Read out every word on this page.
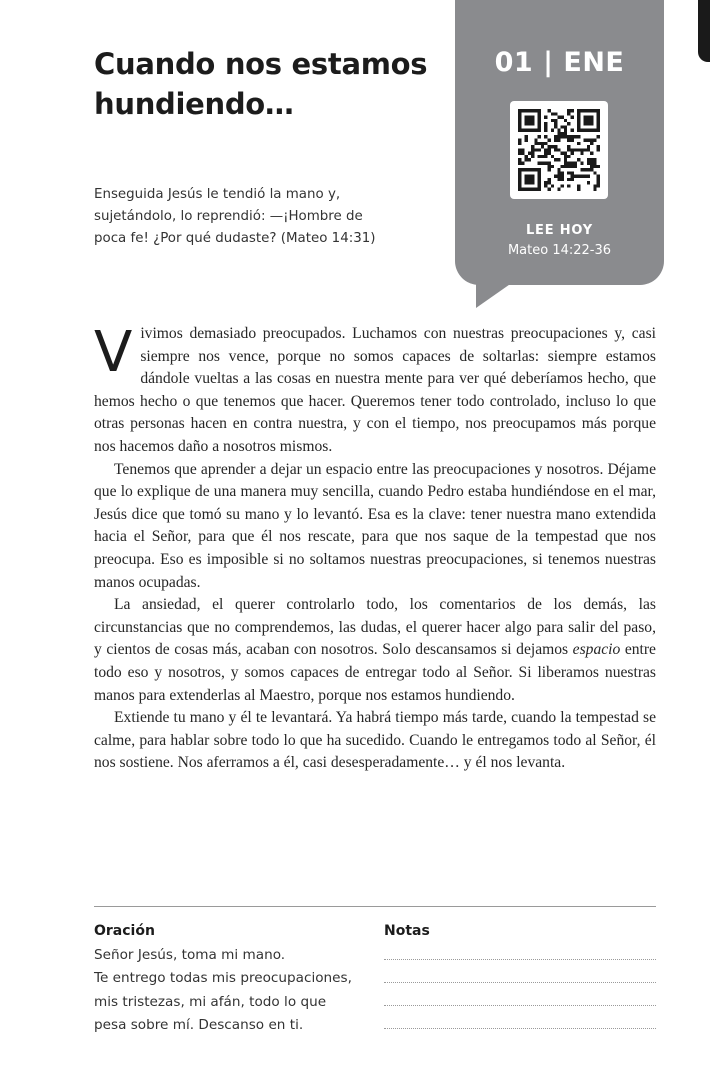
Cuando nos estamos
hundiendo…

Enseguida Jesús le tendió la mano y, sujetándolo, lo reprendió: —¡Hombre de poca fe! ¿Por qué dudaste? (Mateo 14:31)

01 | ENE
LEE HOY
Mateo 14:22-36

Vivimos demasiado preocupados. Luchamos con nuestras preocupaciones y, casi siempre nos vence, porque no somos capaces de soltarlas: siempre estamos dándole vueltas a las cosas en nuestra mente para ver qué deberíamos hecho, que hemos hecho o que tenemos que hacer. Queremos tener todo controlado, incluso lo que otras personas hacen en contra nuestra, y con el tiempo, nos preocupamos más porque nos hacemos daño a nosotros mismos.

Tenemos que aprender a dejar un espacio entre las preocupaciones y nosotros. Déjame que lo explique de una manera muy sencilla, cuando Pedro estaba hundiéndose en el mar, Jesús dice que tomó su mano y lo levantó. Esa es la clave: tener nuestra mano extendida hacia el Señor, para que él nos rescate, para que nos saque de la tempestad que nos preocupa. Eso es imposible si no soltamos nuestras preocupaciones, si tenemos nuestras manos ocupadas.

La ansiedad, el querer controlarlo todo, los comentarios de los demás, las circunstancias que no comprendemos, las dudas, el querer hacer algo para salir del paso, y cientos de cosas más, acaban con nosotros. Solo descansamos si dejamos espacio entre todo eso y nosotros, y somos capaces de entregar todo al Señor. Si liberamos nuestras manos para extenderlas al Maestro, porque nos estamos hundiendo.

Extiende tu mano y él te levantará. Ya habrá tiempo más tarde, cuando la tempestad se calme, para hablar sobre todo lo que ha sucedido. Cuando le entregamos todo al Señor, él nos sostiene. Nos aferramos a él, casi desesperadamente… y él nos levanta.

Oración
Señor Jesús, toma mi mano.
Te entrego todas mis preocupaciones,
mis tristezas, mi afán, todo lo que
pesa sobre mí. Descanso en ti.
Notas
